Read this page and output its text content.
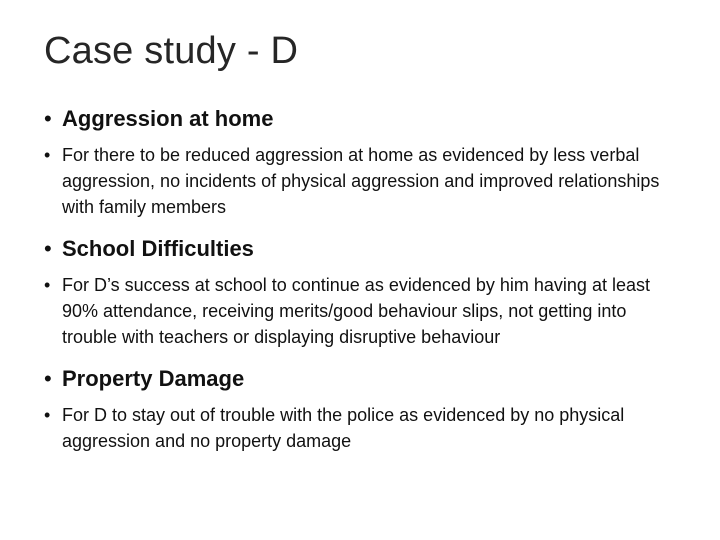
Case study - D
• Aggression at home
• For there to be reduced aggression at home as evidenced by less verbal aggression, no incidents of physical aggression and improved relationships with family members
• School Difficulties
• For D’s success at school to continue as evidenced by him having at least 90% attendance, receiving merits/good behaviour slips, not getting into trouble with teachers or displaying disruptive behaviour
• Property Damage
• For D to stay out of trouble with the police as evidenced by no physical aggression and no property damage
